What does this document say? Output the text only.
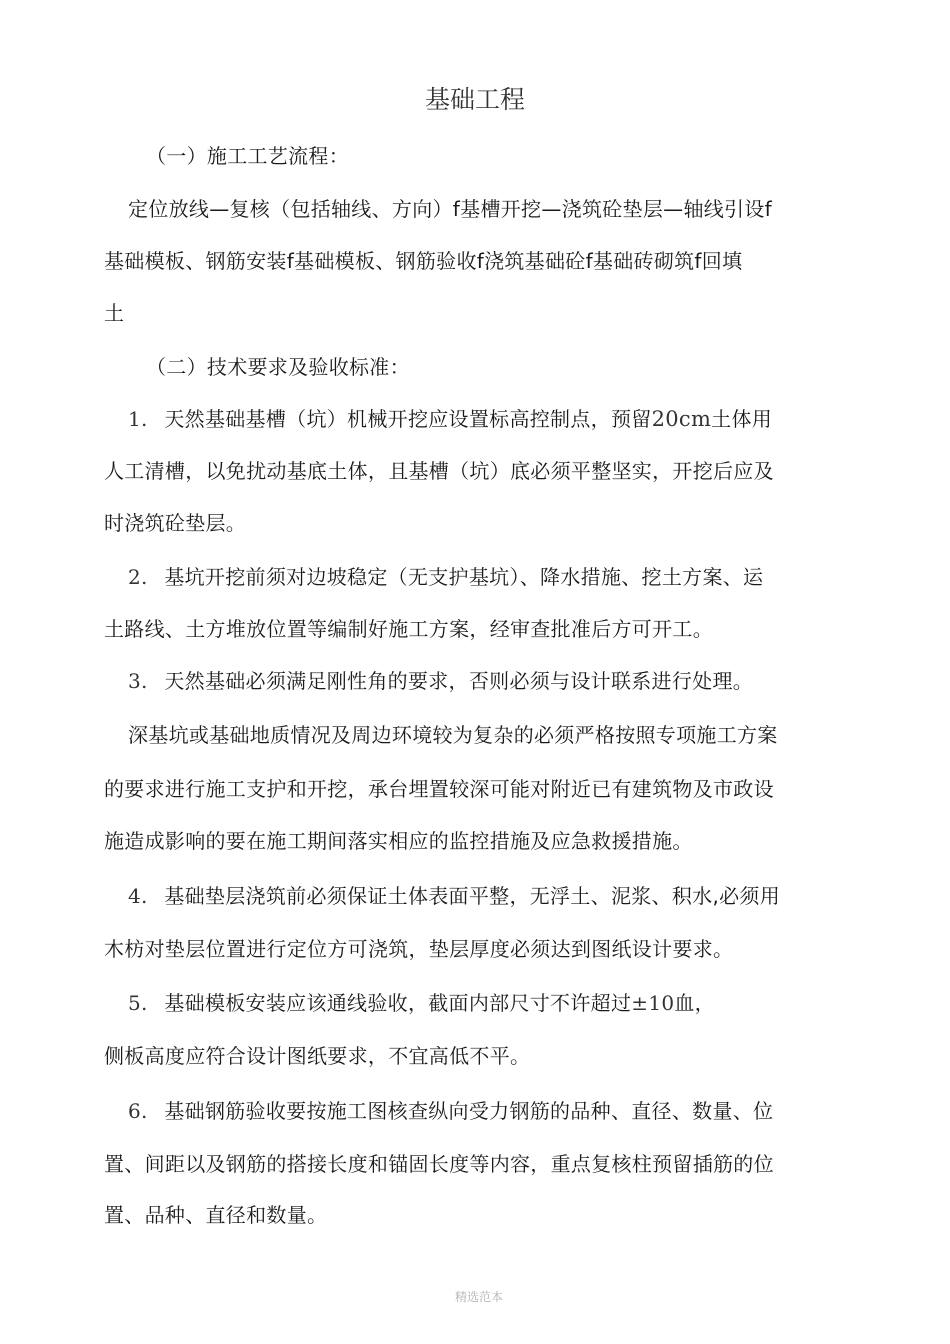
基础工程
（一）施工工艺流程：
定位放线—复核（包括轴线、方向）f基槽开挖—浇筑砼垫层—轴线引设f
基础模板、钢筋安装f基础模板、钢筋验收f浇筑基础砼f基础砖砌筑f回填
土
（二）技术要求及验收标准：
1. 天然基础基槽（坑）机械开挖应设置标高控制点，预留20cm土体用
人工清槽，以免扰动基底土体，且基槽（坑）底必须平整坚实，开挖后应及
时浇筑砼垫层。
2. 基坑开挖前须对边坡稳定（无支护基坑）、降水措施、挖土方案、运
土路线、土方堆放位置等编制好施工方案，经审查批准后方可开工。
3. 天然基础必须满足刚性角的要求，否则必须与设计联系进行处理。
深基坑或基础地质情况及周边环境较为复杂的必须严格按照专项施工方案
的要求进行施工支护和开挖，承台埋置较深可能对附近已有建筑物及市政设
施造成影响的要在施工期间落实相应的监控措施及应急救援措施。
4. 基础垫层浇筑前必须保证土体表面平整，无浮土、泥浆、积水,必须用
木枋对垫层位置进行定位方可浇筑，垫层厚度必须达到图纸设计要求。
5. 基础模板安装应该通线验收，截面内部尺寸不许超过±10血，
侧板高度应符合设计图纸要求，不宜高低不平。
6. 基础钢筋验收要按施工图核查纵向受力钢筋的品种、直径、数量、位
置、间距以及钢筋的搭接长度和锚固长度等内容，重点复核柱预留插筋的位
置、品种、直径和数量。
精选范本
